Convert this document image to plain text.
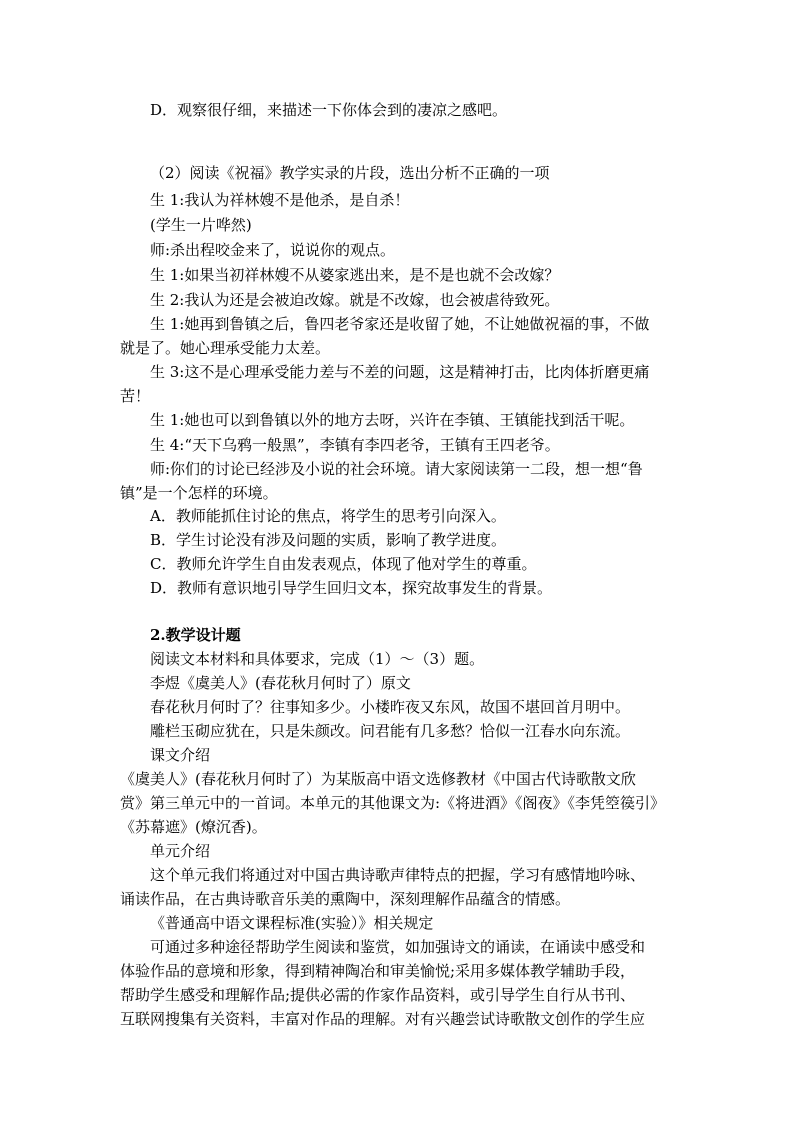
D．观察很仔细，来描述一下你体会到的凄凉之感吧。
（2）阅读《祝福》教学实录的片段，选出分析不正确的一项
生 1:我认为祥林嫂不是他杀，是自杀！
(学生一片哗然)
师:杀出程咬金来了，说说你的观点。
生 1:如果当初祥林嫂不从婆家逃出来，是不是也就不会改嫁？
生 2:我认为还是会被迫改嫁。就是不改嫁，也会被虐待致死。
生 1:她再到鲁镇之后，鲁四老爷家还是收留了她，不让她做祝福的事，不做
就是了。她心理承受能力太差。
生 3:这不是心理承受能力差与不差的问题，这是精神打击，比肉体折磨更痛
苦！
生 1:她也可以到鲁镇以外的地方去呀，兴许在李镇、王镇能找到活干呢。
生 4:“天下乌鸦一般黑”，李镇有李四老爷，王镇有王四老爷。
师:你们的讨论已经涉及小说的社会环境。请大家阅读第一二段，想一想“鲁
镇”是一个怎样的环境。
A．教师能抓住讨论的焦点，将学生的思考引向深入。
B．学生讨论没有涉及问题的实质，影响了教学进度。
C．教师允许学生自由发表观点，体现了他对学生的尊重。
D．教师有意识地引导学生回归文本，探究故事发生的背景。
2.教学设计题
阅读文本材料和具体要求，完成（1）～（3）题。
李煜《虞美人》(春花秋月何时了）原文
春花秋月何时了？往事知多少。小楼昨夜又东风，故国不堪回首月明中。
雕栏玉砌应犹在，只是朱颜改。问君能有几多愁？恰似一江春水向东流。
课文介绍
《虞美人》(春花秋月何时了）为某版高中语文选修教材《中国古代诗歌散文欣
赏》第三单元中的一首词。本单元的其他课文为:《将进酒》《阁夜》《李凭箜篌引》
《苏幕遮》(燎沉香)。
单元介绍
这个单元我们将通过对中国古典诗歌声律特点的把握，学习有感情地吟咏、
诵读作品，在古典诗歌音乐美的熏陶中，深刻理解作品蕴含的情感。
《普通高中语文课程标准(实验）》相关规定
可通过多种途径帮助学生阅读和鉴赏，如加强诗文的诵读，在诵读中感受和
体验作品的意境和形象，得到精神陶冶和审美愉悦;采用多媒体教学辅助手段，
帮助学生感受和理解作品;提供必需的作家作品资料，或引导学生自行从书刊、
互联网搜集有关资料，丰富对作品的理解。对有兴趣尝试诗歌散文创作的学生应
